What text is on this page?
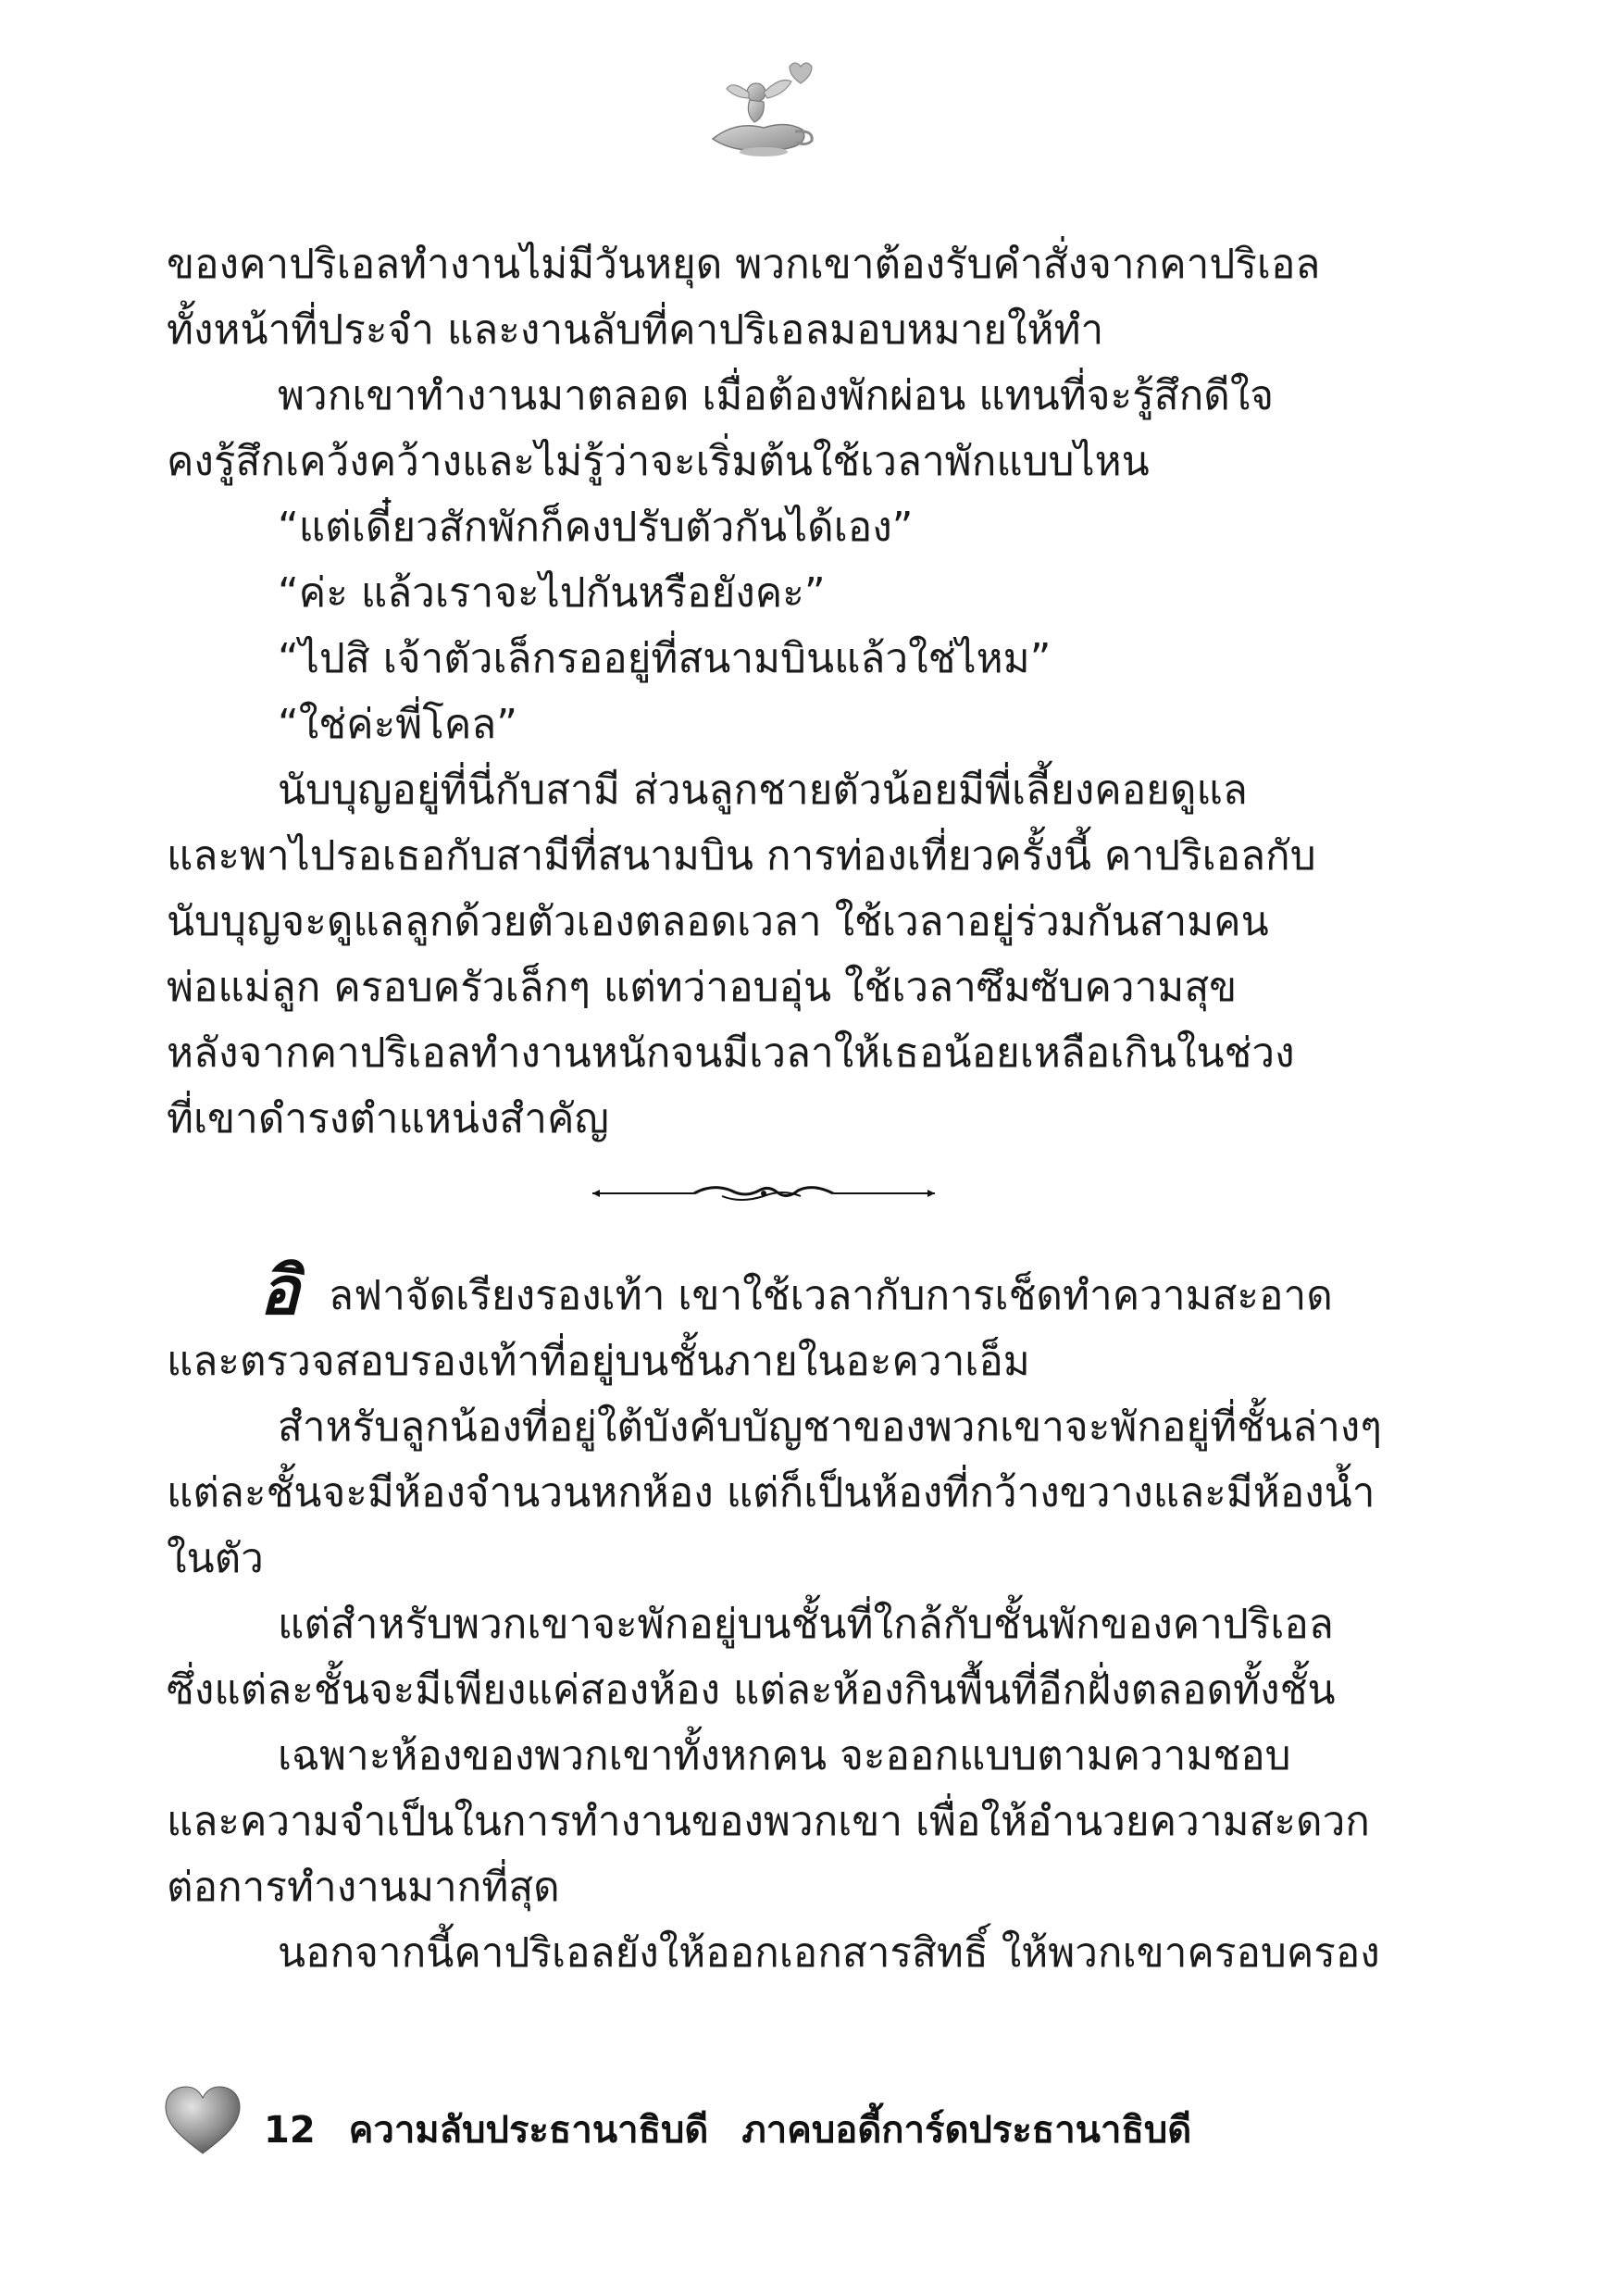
ของคาปริเอลทำงานไม่มีวันหยุด พวกเขาต้องรับคำสั่งจากคาปริเอล
ทั้งหน้าที่ประจำ และงานลับที่คาปริเอลมอบหมายให้ทำ
พวกเขาทำงานมาตลอด เมื่อต้องพักผ่อน แทนที่จะรู้สึกดีใจ
คงรู้สึกเคว้งคว้างและไม่รู้ว่าจะเริ่มต้นใช้เวลาพักแบบไหน
“แต่เดี๋ยวสักพักก็คงปรับตัวกันได้เอง”
“ค่ะ แล้วเราจะไปกันหรือยังคะ”
“ไปสิ เจ้าตัวเล็กรออยู่ที่สนามบินแล้วใช่ไหม”
“ใช่ค่ะพี่โคล”
นับบุญอยู่ที่นี่กับสามี ส่วนลูกชายตัวน้อยมีพี่เลี้ยงคอยดูแล
และพาไปรอเธอกับสามีที่สนามบิน การท่องเที่ยวครั้งนี้ คาปริเอลกับ
นับบุญจะดูแลลูกด้วยตัวเองตลอดเวลา ใช้เวลาอยู่ร่วมกันสามคน
พ่อแม่ลูก ครอบครัวเล็กๆ แต่ทว่าอบอุ่น ใช้เวลาซึมซับความสุข
หลังจากคาปริเอลทำงานหนักจนมีเวลาให้เธอน้อยเหลือเกินในช่วง
ที่เขาดำรงตำแหน่งสำคัญ
อิ ลฟาจัดเรียงรองเท้า เขาใช้เวลากับการเช็ดทำความสะอาด
และตรวจสอบรองเท้าที่อยู่บนชั้นภายในอะควาเอ็ม
สำหรับลูกน้องที่อยู่ใต้บังคับบัญชาของพวกเขาจะพักอยู่ที่ชั้นล่างๆ
แต่ละชั้นจะมีห้องจำนวนหกห้อง แต่ก็เป็นห้องที่กว้างขวางและมีห้องน้ำ
ในตัว
แต่สำหรับพวกเขาจะพักอยู่บนชั้นที่ใกล้กับชั้นพักของคาปริเอล
ซึ่งแต่ละชั้นจะมีเพียงแค่สองห้อง แต่ละห้องกินพื้นที่อีกฝั่งตลอดทั้งชั้น
เฉพาะห้องของพวกเขาทั้งหกคน จะออกแบบตามความชอบ
และความจำเป็นในการทำงานของพวกเขา เพื่อให้อำนวยความสะดวก
ต่อการทำงานมากที่สุด
นอกจากนี้คาปริเอลยังให้ออกเอกสารสิทธิ์ ให้พวกเขาครอบครอง
12 ความลับประธานาธิบดี ภาคบอดี้การ์ดประธานาธิบดี
